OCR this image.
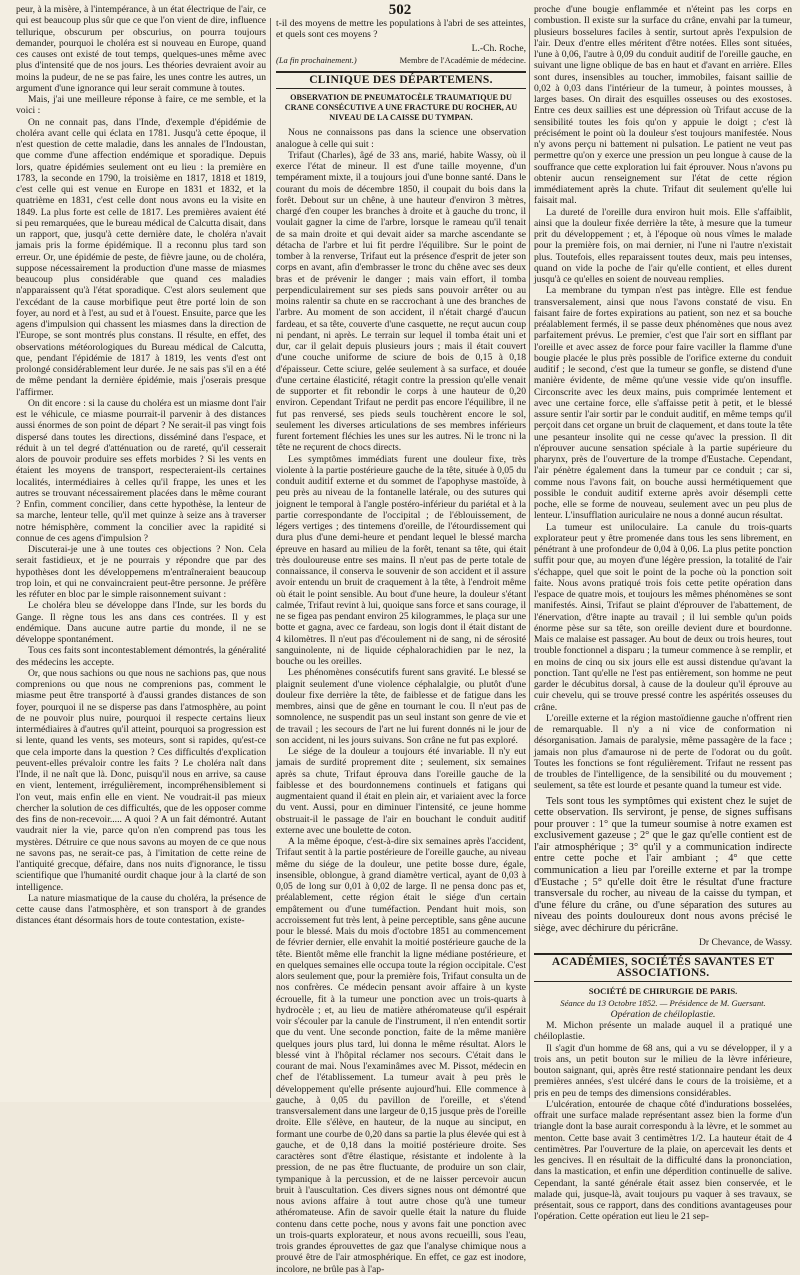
502

peur, à la misère, à l'intempérance, à un état électrique de l'air, ce qui est beaucoup plus sûr que ce que l'on vient de dire, influence tellurique, obscurum per obscurius, on pourra toujours demander, pourquoi le choléra est si nouveau en Europe, quand ces causes ont existé de tout temps, quelques-unes même avec plus d'intensité que de nos jours. Les théories devraient avoir au moins la pudeur, de ne se pas faire, les unes contre les autres, un argument d'une ignorance qui leur serait commune à toutes.

Mais, j'ai une meilleure réponse à faire, ce me semble, et la voici :

On ne connait pas, dans l'Inde, d'exemple d'épidémie de choléra avant celle qui éclata en 1781. Jusqu'à cette époque, il n'est question de cette maladie, dans les annales de l'Indoustan, que comme d'une affection endémique et sporadique. Depuis lors, quatre épidémies seulement ont eu lieu : la première en 1783, la seconde en 1790, la troisième en 1817, 1818 et 1819, c'est celle qui est venue en Europe en 1831 et 1832, et la quatrième en 1831, c'est celle dont nous avons eu la visite en 1849. La plus forte est celle de 1817. Les premières avaient été si peu remarquées, que le bureau médical de Calcutta disait, dans un rapport, que, jusqu'à cette dernière date, le choléra n'avait jamais pris la forme épidémique. Il a reconnu plus tard son erreur. Or, une épidémie de peste, de fièvre jaune, ou de choléra, suppose nécessairement la production d'une masse de miasmes beaucoup plus considérable que quand ces maladies n'apparaissent qu'à l'état sporadique. C'est alors seulement que l'excédant de la cause morbifique peut être porté loin de son foyer, au nord et à l'est, au sud et à l'ouest. Ensuite, parce que les agens d'impulsion qui chassent les miasmes dans la direction de l'Europe, se sont montrés plus constans. Il résulte, en effet, des observations météorologiques du Bureau médical de Calcutta, que, pendant l'épidémie de 1817 à 1819, les vents d'est ont prolongé considérablement leur durée. Je ne sais pas s'il en a été de même pendant la dernière épidémie, mais j'oserais presque l'affirmer.

On dit encore : si la cause du choléra est un miasme dont l'air est le véhicule, ce miasme pourrait-il parvenir à des distances aussi énormes de son point de départ ? Ne serait-il pas vingt fois dispersé dans toutes les directions, disséminé dans l'espace, et réduit à un tel degré d'atténuation ou de rareté, qu'il cesserait alors de pouvoir produire ses effets morbides ? Si les vents en étaient les moyens de transport, respecteraient-ils certaines localités, intermédiaires à celles qu'il frappe, les unes et les autres se trouvant nécessairement placées dans le même courant ? Enfin, comment concilier, dans cette hypothèse, la lenteur de sa marche, lenteur telle, qu'il met quinze à seize ans à traverser notre hémisphère, comment la concilier avec la rapidité si connue de ces agens d'impulsion ?

Discuterai-je une à une toutes ces objections ? Non. Cela serait fastidieux, et je ne pourrais y répondre que par des hypothèses dont les développemens m'entraîneraient beaucoup trop loin, et qui ne convaincraient peut-être personne. Je préfère les réfuter en bloc par le simple raisonnement suivant :

Le choléra bleu se développe dans l'Inde, sur les bords du Gange. Il règne tous les ans dans ces contrées. Il y est endémique. Dans aucune autre partie du monde, il ne se développe spontanément.

Tous ces faits sont incontestablement démontrés, la généralité des médecins les accepte.

Or, que nous sachions ou que nous ne sachions pas, que nous comprenions ou que nous ne comprenions pas, comment le miasme peut être transporté à d'aussi grandes distances de son foyer, pourquoi il ne se disperse pas dans l'atmosphère, au point de ne pouvoir plus nuire, pourquoi il respecte certains lieux intermédiaires à d'autres qu'il atteint, pourquoi sa progression est si lente, quand les vents, ses moteurs, sont si rapides, qu'est-ce que cela importe dans la question ? Ces difficultés d'explication peuvent-elles prévaloir contre les faits ? Le choléra naît dans l'Inde, il ne naît que là. Donc, puisqu'il nous en arrive, sa cause en vient, lentement, irrégulièrement, incompréhensiblement si l'on veut, mais enfin elle en vient. Ne voudrait-il pas mieux chercher la solution de ces difficultés, que de les opposer comme des fins de non-recevoir..... A quoi ? A un fait démontré. Autant vaudrait nier la vie, parce qu'on n'en comprend pas tous les mystères. Détruire ce que nous savons au moyen de ce que nous ne savons pas, ne serait-ce pas, à l'imitation de cette reine de l'antiquité grecque, défaire, dans nos nuits d'ignorance, le tissu scientifique que l'humanité ourdit chaque jour à la clarté de son intelligence.

La nature miasmatique de la cause du choléra, la présence de cette cause dans l'atmosphère, et son transport à de grandes distances étant désormais hors de toute contestation, existe-

t-il des moyens de mettre les populations à l'abri de ses atteintes, et quels sont ces moyens ?

L.-Ch. Roche,
(La fin prochainement.)	Membre de l'Académie de médecine.
CLINIQUE DES DÉPARTEMENS.
OBSERVATION DE PNEUMATOCÈLE TRAUMATIQUE DU CRANE CONSÉCUTIVE A UNE FRACTURE DU ROCHER, AU NIVEAU DE LA CAISSE DU TYMPAN.

Nous ne connaissons pas dans la science une observation analogue à celle qui suit :

Trifaut (Charles), âgé de 33 ans, marié, habite Wassy, où il exerce l'état de mineur. Il est d'une taille moyenne, d'un tempérament mixte, il a toujours joui d'une bonne santé. Dans le courant du mois de décembre 1850, il coupait du bois dans la forêt. Debout sur un chêne, à une hauteur d'environ 3 mètres, chargé d'en couper les branches à droite et à gauche du tronc, il voulait gagner la cime de l'arbre, lorsque le rameau qu'il tenait de sa main droite et qui devait aider sa marche ascendante se détacha de l'arbre et lui fit perdre l'équilibre. Sur le point de tomber à la renverse, Trifaut eut la présence d'esprit de jeter son corps en avant, afin d'embrasser le tronc du chêne avec ses deux bras et de prévenir le danger ; mais vain effort, il tomba perpendiculairement sur ses pieds sans pouvoir arrêter ou au moins ralentir sa chute en se raccrochant à une des branches de l'arbre. Au moment de son accident, il n'était chargé d'aucun fardeau, et sa tête, couverte d'une casquette, ne reçut aucun coup ni pendant, ni après. Le terrain sur lequel il tomba était uni et dur, car il gelait depuis plusieurs jours ; mais il était couvert d'une couche uniforme de sciure de bois de 0,15 à 0,18 d'épaisseur. Cette sciure, gelée seulement à sa surface, et douée d'une certaine élasticité, rétagit contre la pression qu'elle venait de supporter et fit rebondir le corps à une hauteur de 0,20 environ. Cependant Trifaut ne perdit pas encore l'équilibre, il ne fut pas renversé, ses pieds seuls touchèrent encore le sol, seulement les diverses articulations de ses membres inférieurs furent fortement fléchies les unes sur les autres. Ni le tronc ni la tête ne reçurent de chocs directs.

Les symptômes immédiats furent une douleur fixe, très violente à la partie postérieure gauche de la tête, située à 0,05 du conduit auditif externe et du sommet de l'apophyse mastoïde, à peu près au niveau de la fontanelle latérale, ou des sutures qui joignent le temporal à l'angle postéro-inférieur du pariétal et à la partie correspondante de l'occipital ; de l'éblouissement, de légers vertiges ; des tintemens d'oreille, de l'étourdissement qui dura plus d'une demi-heure et pendant lequel le blessé marcha épreuve en hasard au milieu de la forêt, tenant sa tête, qui était très douloureuse entre ses mains. Il n'eut pas de perte totale de connaissance, il conserva le souvenir de son accident et il assure avoir entendu un bruit de craquement à la tête, à l'endroit même où était le point sensible. Au bout d'une heure, la douleur s'étant calmée, Trifaut revint à lui, quoique sans force et sans courage, il ne se figea pas pendant environ 25 kilogrammes, le plaça sur une botte et gagna, avec ce fardeau, son logis dont il était distant de 4 kilomètres. Il n'eut pas d'écoulement ni de sang, ni de sérosité sanguinolente, ni de liquide céphalorachidien par le nez, la bouche ou les oreilles.

Les phénomènes consécutifs furent sans gravité. Le blessé se plaignit seulement d'une violence céphalalgie, ou plutôt d'une douleur fixe derrière la tête, de faiblesse et de fatigue dans les membres, ainsi que de gêne en tournant le cou. Il n'eut pas de somnolence, ne suspendit pas un seul instant son genre de vie et de travail ; les secours de l'art ne lui furent donnés ni le jour de son accident, ni les jours suivans. Son crâne ne fut pas exploré.

Le siége de la douleur a toujours été invariable. Il n'y eut jamais de surdité proprement dite ; seulement, six semaines après sa chute, Trifaut éprouva dans l'oreille gauche de la faiblesse et des bourdonnemens continuels et fatigans qui augmentaient quand il était en plein air, et variaient avec la force du vent. Aussi, pour en diminuer l'intensité, ce jeune homme obstruait-il le passage de l'air en bouchant le conduit auditif externe avec une boulette de coton.

A la même époque, c'est-à-dire six semaines après l'accident, Trifaut sentit à la partie postérieure de l'oreille gauche, au niveau même du siége de la douleur, une petite bosse dure, égale, insensible, oblongue, à grand diamètre vertical, ayant de 0,03 à 0,05 de long sur 0,01 à 0,02 de large. Il ne pensa donc pas et, préalablement, cette région était le siége d'un certain empâtement ou d'une tuméfaction. Pendant huit mois, son accroissement fut très lent, à peine perceptible, sans gêne aucune pour le blessé. Mais du mois d'octobre 1851 au commencement de février dernier, elle envahit la moitié postérieure gauche de la tête. Bientôt même elle franchit la ligne médiane postérieure, et en quelques semaines elle occupa toute la région occipitale. C'est alors seulement que, pour la première fois, Trifaut consulta un de nos confrères. Ce médecin pensant avoir affaire à un kyste écrouelle, fit à la tumeur une ponction avec un trois-quarts à hydrocèle ; et, au lieu de matière athéromateuse qu'il espérait voir s'écouler par la canule de l'instrument, il n'en entendit sortir que du vent. Une seconde ponction, faite de la même manière quelques jours plus tard, lui donna le même résultat. Alors le blessé vint à l'hôpital réclamer nos secours. C'était dans le courant de mai. Nous l'examinâmes avec M. Pissot, médecin en chef de l'établissement. La tumeur avait à peu près le développement qu'elle présente aujourd'hui. Elle commence à gauche, à 0,05 du pavillon de l'oreille, et s'étend transversalement dans une largeur de 0,15 jusque près de l'oreille droite. Elle s'élève, en hauteur, de la nuque au sinciput, en formant une courbe de 0,20 dans sa partie la plus élevée qui est à gauche, et de 0,18 dans la moitié postérieure droite. Ses caractères sont d'être élastique, résistante et indolente à la pression, de ne pas être fluctuante, de produire un son clair, tympanique à la percussion, et de ne laisser percevoir aucun bruit à l'auscultation. Ces divers signes nous ont démontré que nous avions affaire à tout autre chose qu'à une tumeur athéromateuse. Afin de savoir quelle était la nature du fluide contenu dans cette poche, nous y avons fait une ponction avec un trois-quarts explorateur, et nous avons recueilli, sous l'eau, trois grandes éprouvettes de gaz que l'analyse chimique nous a prouvé être de l'air atmosphérique. En effet, ce gaz est inodore, incolore, ne brûle pas à l'ap-

proche d'une bougie enflammée et n'éteint pas les corps en combustion. Il existe sur la surface du crâne, envahi par la tumeur, plusieurs bosselures faciles à sentir, surtout après l'expulsion de l'air. Deux d'entre elles méritent d'être notées. Elles sont situées, l'une à 0,06, l'autre à 0,09 du conduit auditif de l'oreille gauche, en suivant une ligne oblique de bas en haut et d'avant en arrière. Elles sont dures, insensibles au toucher, immobiles, faisant saillie de 0,02 à 0,03 dans l'intérieur de la tumeur, à pointes mousses, à larges bases. On dirait des esquilles osseuses ou des exostoses. Entre ces deux saillies est une dépression où Trifaut accuse de la sensibilité toutes les fois qu'on y appuie le doigt ; c'est là précisément le point où la douleur s'est toujours manifestée. Nous n'y avons perçu ni battement ni pulsation. Le patient ne veut pas permettre qu'on y exerce une pression un peu longue à cause de la souffrance que cette exploration lui fait éprouver. Nous n'avons pu obtenir aucun renseignement sur l'état de cette région immédiatement après la chute. Trifaut dit seulement qu'elle lui faisait mal.

La dureté de l'oreille dura environ huit mois. Elle s'affaiblit, ainsi que la douleur fixée derrière la tête, à mesure que la tumeur prit du développement ; et, à l'époque où nous vîmes le malade pour la première fois, on mai dernier, ni l'une ni l'autre n'existait plus. Toutefois, elles reparaissent toutes deux, mais peu intenses, quand on vide la poche de l'air qu'elle contient, et elles durent jusqu'à ce qu'elles en soient de nouveau remplies.

La membrane du tympan n'est pas intègre. Elle est fendue transversalement, ainsi que nous l'avons constaté de visu. En faisant faire de fortes expirations au patient, son nez et sa bouche préalablement fermés, il se passe deux phénomènes que nous avez parfaitement prévus. Le premier, c'est que l'air sort en sifflant par l'oreille et avec assez de force pour faire vaciller la flamme d'une bougie placée le plus près possible de l'orifice externe du conduit auditif ; le second, c'est que la tumeur se gonfle, se distend d'une manière évidente, de même qu'une vessie vide qu'on insuffle. Circonscrite avec les deux mains, puis comprimée lentement et avec une certaine force, elle s'affaisse petit à petit, et le blessé assure sentir l'air sortir par le conduit auditif, en même temps qu'il perçoit dans cet organe un bruit de claquement, et dans toute la tête une pesanteur insolite qui ne cesse qu'avec la pression. Il dit n'éprouver aucune sensation spéciale à la partie supérieure du pharynx, près de l'ouverture de la trompe d'Eustache. Cependant, l'air pénètre également dans la tumeur par ce conduit ; car si, comme nous l'avons fait, on bouche aussi hermétiquement que possible le conduit auditif externe après avoir désempli cette poche, elle se forme de nouveau, seulement avec un peu plus de lenteur. L'insufflation auriculaire ne nous a donné aucun résultat.

La tumeur est uniloculaire. La canule du trois-quarts explorateur peut y être promenée dans tous les sens librement, en pénétrant à une profondeur de 0,04 à 0,06. La plus petite ponction suffit pour que, au moyen d'une légère pression, la totalité de l'air s'échappe, quel que soit le point de la poche où la ponction soit faite. Nous avons pratiqué trois fois cette petite opération dans l'espace de quatre mois, et toujours les mêmes phénomènes se sont manifestés. Ainsi, Trifaut se plaint d'éprouver de l'abattement, de l'énervation, d'être inapte au travail ; il lui semble qu'un poids énorme pèse sur sa tête, son oreille devient dure et bourdonne. Mais ce malaise est passager. Au bout de deux ou trois heures, tout trouble fonctionnel a disparu ; la tumeur commence à se remplir, et en moins de cinq ou six jours elle est aussi distendue qu'avant la ponction. Tant qu'elle ne l'est pas entièrement, son homme ne peut garder le décubitus dorsal, à cause de la douleur qu'il éprouve au cuir chevelu, qui se trouve pressé contre les aspérités osseuses du crâne.

L'oreille externe et la région mastoïdienne gauche n'offrent rien de remarquable. Il n'y a ni vice de conformation ni désorganisation. Jamais de paralysie, même passagère de la face ; jamais non plus d'amaurose ni de perte de l'odorat ou du goût. Toutes les fonctions se font régulièrement. Trifaut ne ressent pas de troubles de l'intelligence, de la sensibilité ou du mouvement ; seulement, sa tête est lourde et pesante quand la tumeur est vide.

Tels sont tous les symptômes qui existent chez le sujet de cette observation. Ils serviront, je pense, de signes suffisans pour prouver : 1° que la tumeur soumise à notre examen est exclusivement gazeuse ; 2° que le gaz qu'elle contient est de l'air atmosphérique ; 3° qu'il y a communication indirecte entre cette poche et l'air ambiant ; 4° que cette communication a lieu par l'oreille externe et par la trompe d'Eustache ; 5° qu'elle doit être le résultat d'une fracture transversale du rocher, au niveau de la caisse du tympan, et d'une félure du crâne, ou d'une séparation des sutures au niveau des points douloureux dont nous avons précisé le siège, avec déchirure du péricrâne.

Dr Chevance, de Wassy.
ACADÉMIES, SOCIÉTÉS SAVANTES ET ASSOCIATIONS.
SOCIÉTÉ DE CHIRURGIE DE PARIS.

Séance du 13 Octobre 1852. — Présidence de M. Guersant.

Opération de chéiloplastie.

M. Michon présente un malade auquel il a pratiqué une chéiloplastie.

Il s'agit d'un homme de 68 ans, qui a vu se développer, il y a trois ans, un petit bouton sur le milieu de la lèvre inférieure, bouton saignant, qui, après être resté stationnaire pendant les deux premières années, s'est ulcéré dans le cours de la troisième, et a pris en peu de temps des dimensions considérables.

L'ulcération, entourée de chaque côté d'indurations bosselées, offrait une surface malade représentant assez bien la forme d'un triangle dont la base aurait correspondu à la lèvre, et le sommet au menton. Cette base avait 3 centimètres 1/2. La hauteur était de 4 centimètres. Par l'ouverture de la plaie, on apercevait les dents et les gencives. Il en résultait de la difficulté dans la prononciation, dans la mastication, et enfin une déperdition continuelle de salive. Cependant, la santé générale était assez bien conservée, et le malade qui, jusque-là, avait toujours pu vaquer à ses travaux, se présentait, sous ce rapport, dans des conditions avantageuses pour l'opération. Cette opération eut lieu le 21 sep-
